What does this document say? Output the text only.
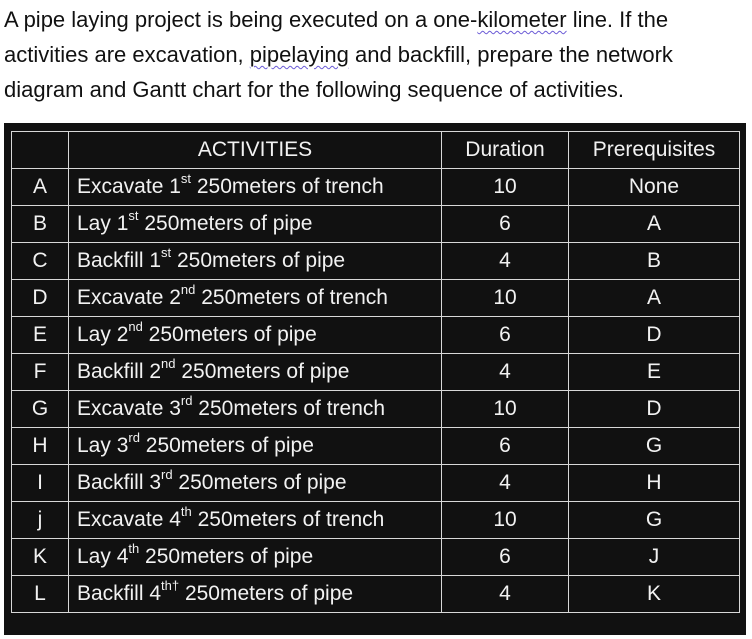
A pipe laying project is being executed on a one-kilometer line. If the

activities are excavation, pipelaying and backfill, prepare the network

diagram and Gantt chart for the following sequence of activities.

	ACTIVITIES	Duration	Prerequisites
A	Excavate 1st 250meters of trench	10	None
B	Lay 1st 250meters of pipe	6	A
C	Backfill 1st 250meters of pipe	4	B
D	Excavate 2nd 250meters of trench	10	A
E	Lay 2nd 250meters of pipe	6	D
F	Backfill 2nd 250meters of pipe	4	E
G	Excavate 3rd 250meters of trench	10	D
H	Lay 3rd 250meters of pipe	6	G
I	Backfill 3rd 250meters of pipe	4	H
j	Excavate 4th 250meters of trench	10	G
K	Lay 4th 250meters of pipe	6	J
L	Backfill $4^{th\dagger}$ 250meters of pipe	4	K
